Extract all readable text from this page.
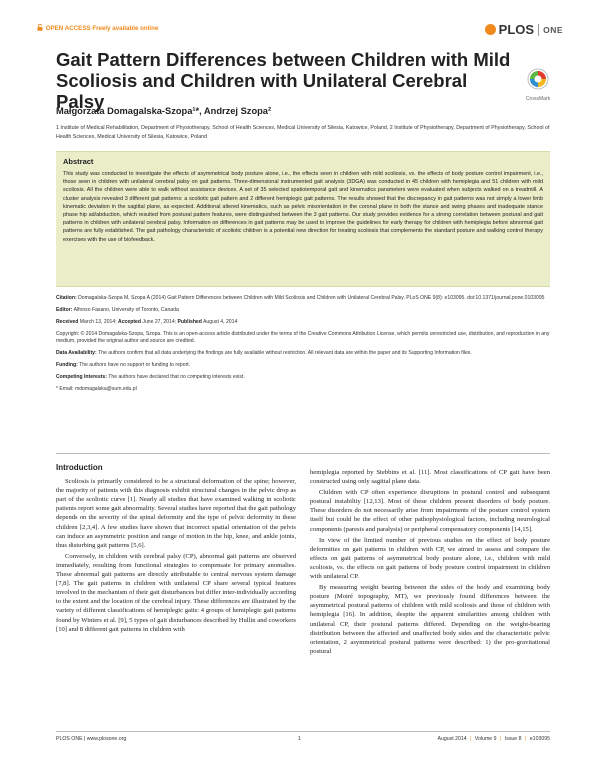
OPEN ACCESS Freely available online	PLOS ONE
Gait Pattern Differences between Children with Mild Scoliosis and Children with Unilateral Cerebral Palsy	CrossMark
Małgorzata Domagalska-Szopa¹*, Andrzej Szopa²
1 Institute of Medical Rehabilitation, Department of Physiotherapy, School of Health Sciences, Medical University of Silesia, Katowice, Poland, 2 Institute of Physiotherapy, Department of Physiotherapy, School of Health Sciences, Medical University of Silesia, Katowice, Poland
Abstract

This study was conducted to investigate the effects of asymmetrical body posture alone, i.e., the effects seen in children with mild scoliosis, vs. the effects of body posture control impairment, i.e., those seen in children with unilateral cerebral palsy on gait patterns. Three-dimensional instrumented gait analysis (3DGA) was conducted in 45 children with hemiplegia and 51 children with mild scoliosis. All the children were able to walk without assistance devices. A set of 35 selected spatiotemporal gait and kinematics parameters were evaluated when subjects walked on a treadmill. A cluster analysis revealed 3 different gait patterns: a scoliotic gait pattern and 2 different hemiplegic gait patterns. The results showed that the discrepancy in gait patterns was not simply a lower limb kinematic deviation in the sagittal plane, as expected. Additional altered kinematics, such as pelvic misorientation in the coronal plane in both the stance and swing phases and inadequate stance phase hip ad/abduction, which resulted from postural pattern features, were distinguished between the 3 gait patterns. Our study provides evidence for a strong correlation between postural and gait patterns in children with unilateral cerebral palsy. Information on differences in gait patterns may be used to improve the guidelines for early therapy for children with hemiplegia before abnormal gait patterns are fully established. The gait pathology characteristic of scoliotic children is a potential new direction for treating scoliosis that complements the standard posture and walking control therapy exercises with the use of biofeedback.

Citation: Domagalska-Szopa M, Szopa A (2014) Gait Pattern Differences between Children with Mild Scoliosis and Children with Unilateral Cerebral Palsy. PLoS ONE 9(8): e103095. doi:10.1371/journal.pone.0103095
Editor: Alfonso Fasano, University of Toronto, Canada
Received March 13, 2014; Accepted June 27, 2014; Published August 4, 2014
Copyright: © 2014 Domagalska-Szopa, Szopa. This is an open-access article distributed under the terms of the Creative Commons Attribution License, which permits unrestricted use, distribution, and reproduction in any medium, provided the original author and source are credited.
Data Availability: The authors confirm that all data underlying the findings are fully available without restriction. All relevant data are within the paper and its Supporting Information files.
Funding: The authors have no support or funding to report.
Competing Interests: The authors have declared that no competing interests exist.
* Email: mdomagalska@sum.edu.pl
Introduction

Scoliosis is primarily considered to be a structural deformation of the spine; however, the majority of patients with this diagnosis exhibit structural changes in the pelvic drop as part of the scoliotic curve [1]. Nearly all studies that have examined walking in scoliotic patients report some gait abnormality. Several studies have reported that the gait pathology depends on the severity of the spinal deformity and the type of pelvic deformity in these children [2,3,4]. A few studies have shown that incorrect spatial orientation of the pelvis can induce an asymmetric position and range of motion in the hip, knee, and ankle joints, thus disturbing gait patterns [5,6].

Conversely, in children with cerebral palsy (CP), abnormal gait patterns are observed immediately, resulting from functional strategies to compensate for primary anomalies. These abnormal gait patterns are directly attributable to central nervous system damage [7,8]. The gait patterns in children with unilateral CP share several typical features involved in the mechanism of their gait disturbances but differ inter-individually according to the extent and the location of the cerebral injury. These differences are illustrated by the variety of different classifications of hemiplegic gaits: 4 groups of hemiplegic gait patterns found by Winters et al. [9], 5 types of gait disturbances described by Hullin and coworkers [10] and 8 different gait patterns in children with

hemiplegia reported by Stebbins et al. [11]. Most classifications of CP gait have been constructed using only sagittal plane data.

Children with CP often experience disruptions in postural control and subsequent postural instability [12,13]. Most of these children present disorders of body posture. These disorders do not necessarily arise from impairments of the posture control system itself but could be the effect of other pathophysiological factors, including neurological components (paresis and paralysis) or peripheral compensatory components [14,15].

In view of the limited number of previous studies on the effect of body posture deformities on gait patterns in children with CP, we aimed to assess and compare the effects on gait patterns of asymmetrical body posture alone, i.e., children with mild scoliosis, vs. the effects on gait patterns of body posture control impairment in children with unilateral CP.

By measuring weight bearing between the sides of the body and examining body posture (Moiré topography, MT), we previously found differences between the asymmetrical postural patterns of children with mild scoliosis and those of children with hemiplegia [16]. In addition, despite the apparent similarities among children with unilateral CP, their postural patterns differed. Depending on the weight-bearing distribution between the affected and unaffected body sides and the characteristic pelvic orientation, 2 asymmetrical postural patterns were described: 1) the pro-gravitational postural

PLOS ONE | www.plosone.org	1	August 2014 | Volume 9 | Issue 8 | e103095
